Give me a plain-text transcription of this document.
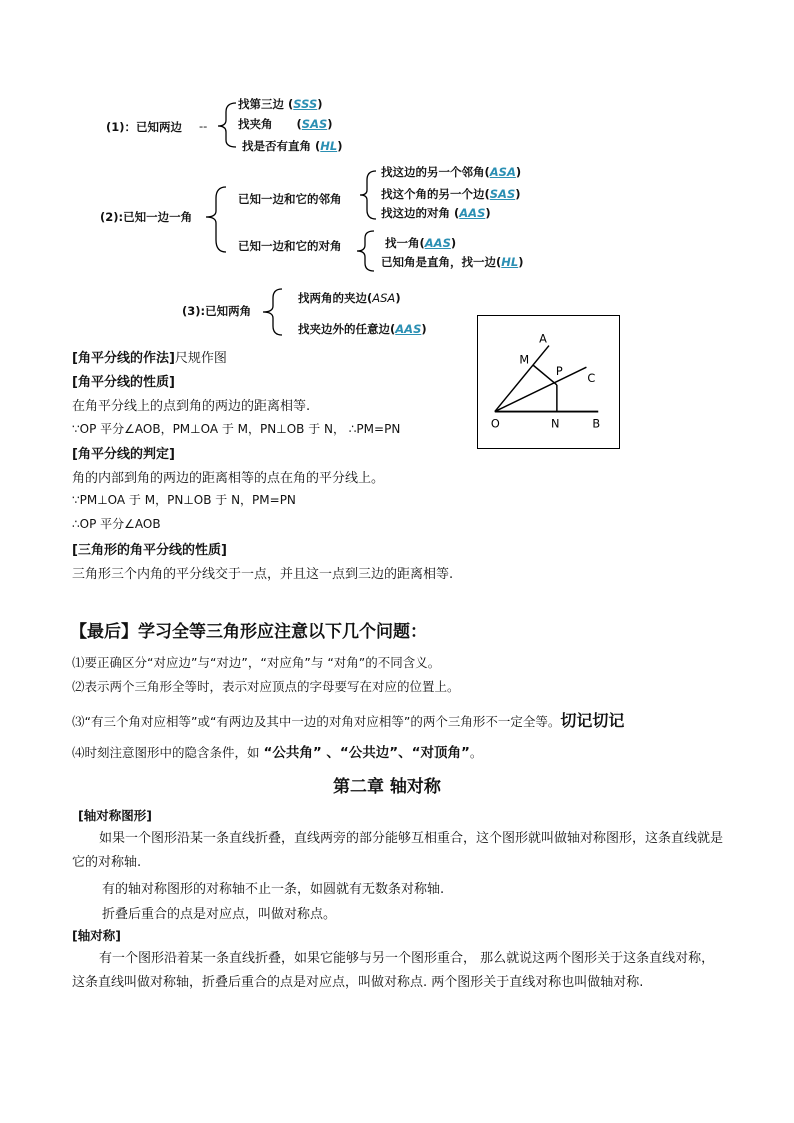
(1)：已知两边 --
找第三边 (SSS)
找夹角      (SAS)
找是否有直角 (HL)
(2):已知一边一角
已知一边和它的邻角
找这边的另一个邻角(ASA)
找这个角的另一个边(SAS)
找这边的对角 (AAS)
已知一边和它的对角	找一角(AAS)
已知角是直角，找一边(HL)
(3):已知两角
找两角的夹边(ASA)
找夹边外的任意边(AAS)
A
M
P C
O	N	B
[角平分线的作法]尺规作图
[角平分线的性质]
在角平分线上的点到角的两边的距离相等.
∵OP 平分∠AOB，PM⊥OA 于 M，PN⊥OB 于 N， ∴PM=PN
[角平分线的判定]
角的内部到角的两边的距离相等的点在角的平分线上。
∵PM⊥OA 于 M，PN⊥OB 于 N，PM=PN
∴OP 平分∠AOB
[三角形的角平分线的性质]
三角形三个内角的平分线交于一点，并且这一点到三边的距离相等.
【最后】学习全等三角形应注意以下几个问题：
⑴要正确区分“对应边”与“对边”，“对应角”与 “对角”的不同含义。
⑵表示两个三角形全等时，表示对应顶点的字母要写在对应的位置上。
⑶“有三个角对应相等”或“有两边及其中一边的对角对应相等”的两个三角形不一定全等。切记切记
⑷时刻注意图形中的隐含条件，如 “公共角” 、“公共边”、“对顶角”。
第二章 轴对称
[轴对称图形]
如果一个图形沿某一条直线折叠，直线两旁的部分能够互相重合，这个图形就叫做轴对称图形，这条直线就是它的对称轴.
有的轴对称图形的对称轴不止一条，如圆就有无数条对称轴.
折叠后重合的点是对应点，叫做对称点。
[轴对称]
有一个图形沿着某一条直线折叠，如果它能够与另一个图形重合， 那么就说这两个图形关于这条直线对称，这条直线叫做对称轴，折叠后重合的点是对应点，叫做对称点. 两个图形关于直线对称也叫做轴对称.
